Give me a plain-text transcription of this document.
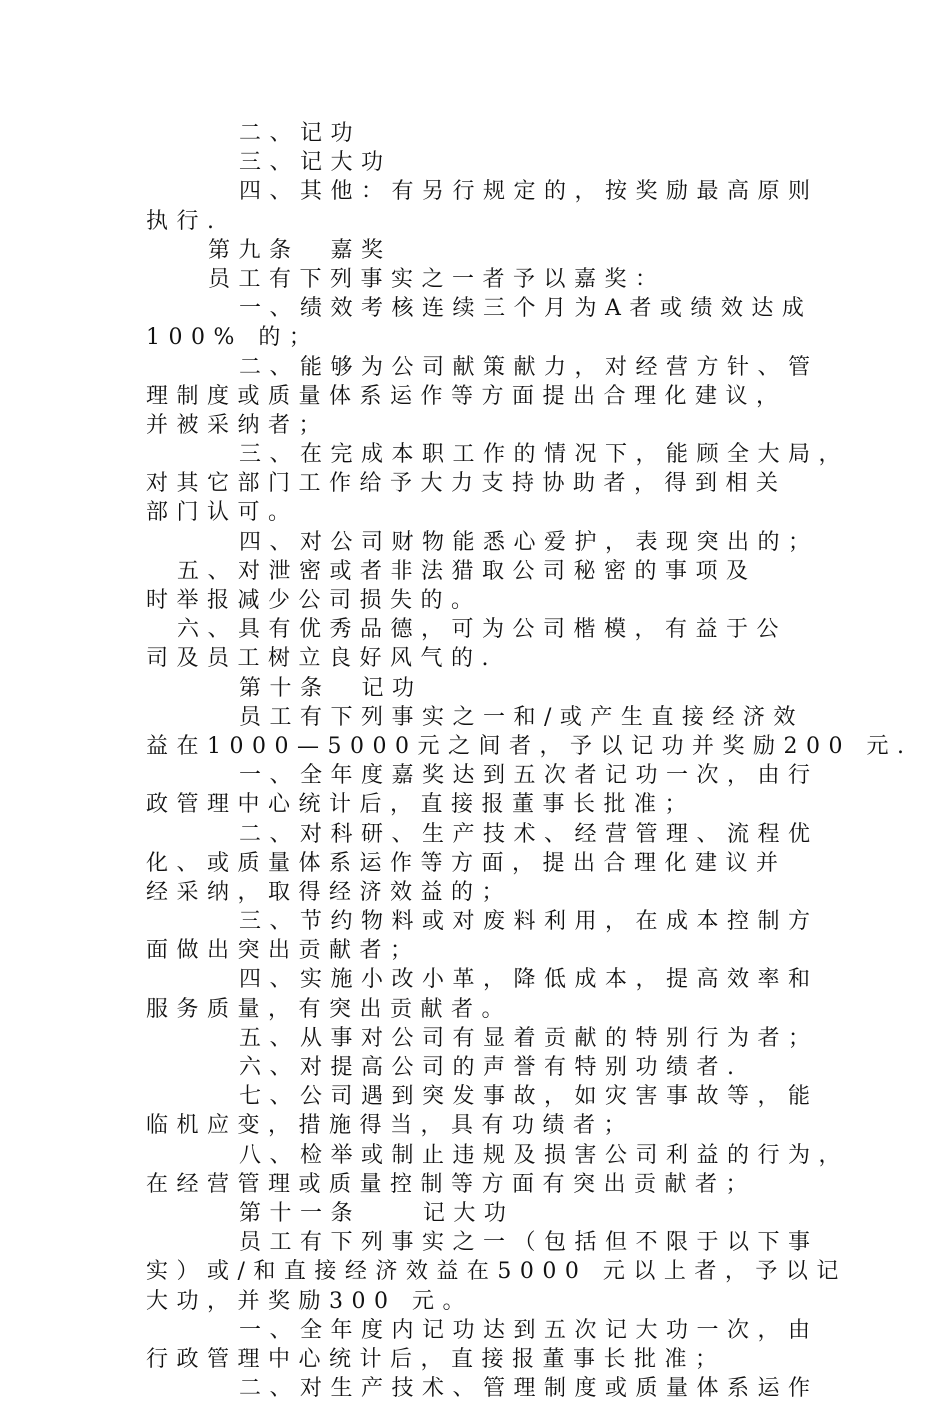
二、记功
三、记大功
四、其他：有另行规定的，按奖励最高原则
执行.
第九条  嘉奖
员工有下列事实之一者予以嘉奖：
一、绩效考核连续三个月为A者或绩效达成
100% 的；
二、能够为公司献策献力，对经营方针、管
理制度或质量体系运作等方面提出合理化建议，
并被采纳者；
三、在完成本职工作的情况下，能顾全大局，
对其它部门工作给予大力支持协助者，得到相关
部门认可。
四、对公司财物能悉心爱护，表现突出的；
五、对泄密或者非法猎取公司秘密的事项及
时举报减少公司损失的。
六、具有优秀品德，可为公司楷模，有益于公
司及员工树立良好风气的.
第十条  记功
员工有下列事实之一和/或产生直接经济效
益在1000—5000元之间者，予以记功并奖励200 元.
一、全年度嘉奖达到五次者记功一次，由行
政管理中心统计后，直接报董事长批准；
二、对科研、生产技术、经营管理、流程优
化、或质量体系运作等方面，提出合理化建议并
经采纳，取得经济效益的；
三、节约物料或对废料利用，在成本控制方
面做出突出贡献者；
四、实施小改小革，降低成本，提高效率和
服务质量，有突出贡献者。
五、从事对公司有显着贡献的特别行为者；
六、对提高公司的声誉有特别功绩者.
七、公司遇到突发事故，如灾害事故等，能
临机应变，措施得当，具有功绩者；
八、检举或制止违规及损害公司利益的行为，
在经营管理或质量控制等方面有突出贡献者；
第十一条    记大功
员工有下列事实之一（包括但不限于以下事
实）或/和直接经济效益在5000 元以上者，予以记
大功，并奖励300 元。
一、全年度内记功达到五次记大功一次，由
行政管理中心统计后，直接报董事长批准；
二、对生产技术、管理制度或质量体系运作
